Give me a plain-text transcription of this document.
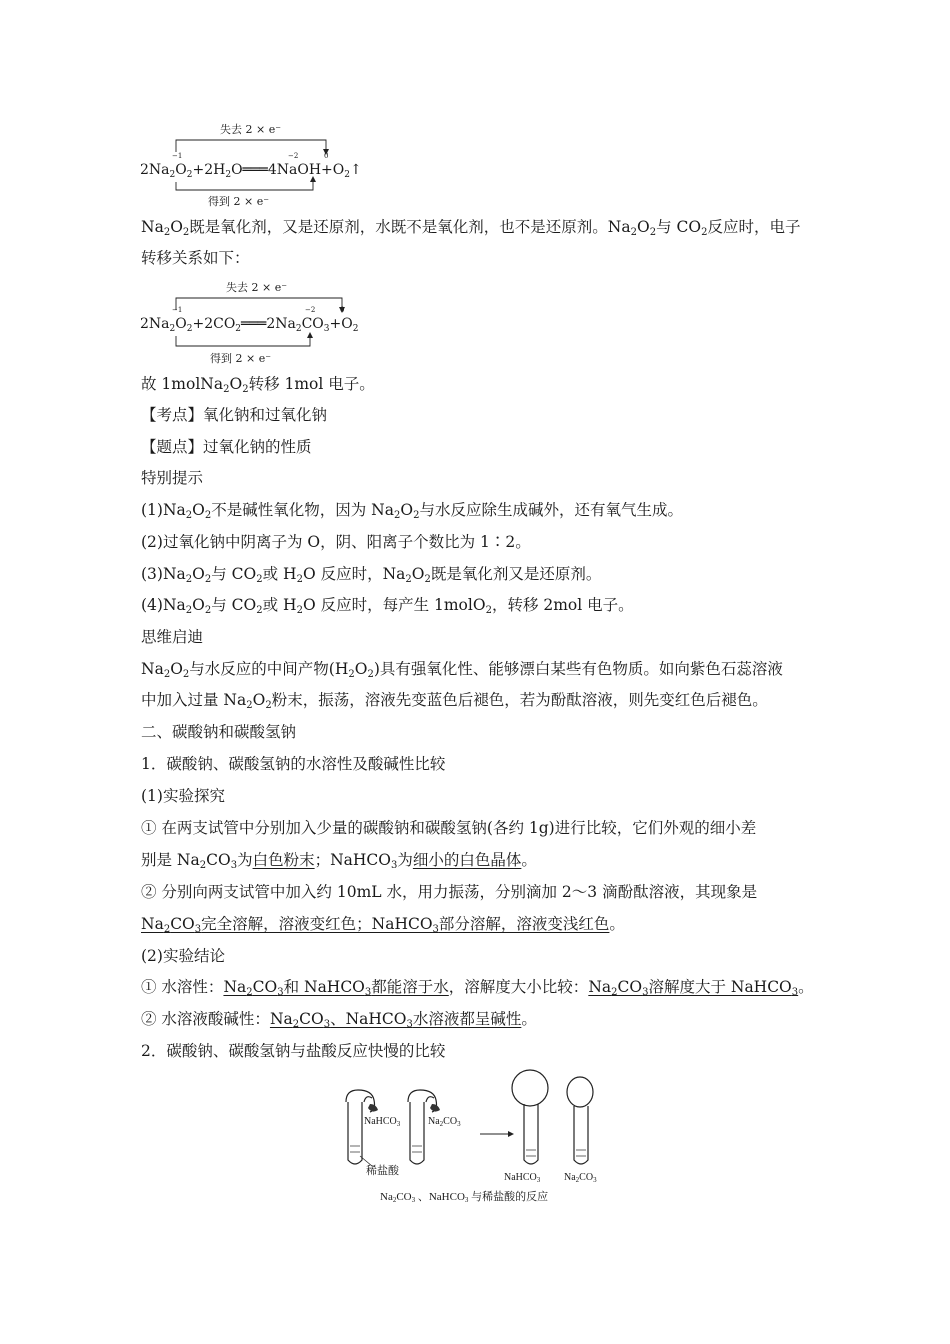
失去 2 × e⁻
得到 2 × e⁻
$2Na_2O_2+2H_2O═══4NaOH+O_2↑$
−1	−2	0
$Na_2O_2$既是氧化剂，又是还原剂，水既不是氧化剂，也不是还原剂。$Na_2O_2$与 $CO_2$反应时，电子
转移关系如下：
失去 2 × e⁻
得到 2 × e⁻
$2Na_2O_2+2CO_2═══2Na_2CO_3+O_2$
−1	−2	0
故 $1molNa_2O_2$转移 1mol 电子。
【考点】氧化钠和过氧化钠
【题点】过氧化钠的性质
特别提示
$(1)Na_2O_2$不是碱性氧化物，因为 $Na_2O_2$与水反应除生成碱外，还有氧气生成。
(2)过氧化钠中阴离子为 O，阴、阳离子个数比为 1∶2。
$(3)Na_2O_2$与 $CO_2$或 $H_2O$ 反应时，$Na_2O_2$既是氧化剂又是还原剂。
$(4)Na_2O_2$与 $CO_2$或 $H_2O$ 反应时，每产生 1molO$_2$，转移 2mol 电子。
思维启迪
$Na_2O_2$与水反应的中间产物$(H_2O_2)$具有强氧化性、能够漂白某些有色物质。如向紫色石蕊溶液
中加入过量 $Na_2O_2$粉末，振荡，溶液先变蓝色后褪色，若为酚酞溶液，则先变红色后褪色。
二、碳酸钠和碳酸氢钠
1．碳酸钠、碳酸氢钠的水溶性及酸碱性比较
(1)实验探究
① 在两支试管中分别加入少量的碳酸钠和碳酸氢钠(各约 1g)进行比较，它们外观的细小差
别是 $Na_2CO_3$为白色粉末；NaHCO$_3$为细小的白色晶体。
② 分别向两支试管中加入约 10mL 水，用力振荡，分别滴加 2～3 滴酚酞溶液，其现象是
$Na_2CO_3$完全溶解，溶液变红色；NaHCO$_3$部分溶解，溶液变浅红色。
(2)实验结论
① 水溶性：$Na_2CO_3$和 NaHCO$_3$都能溶于水，溶解度大小比较：$Na_2CO_3$溶解度大于 NaHCO$_3$。
② 水溶液酸碱性：$Na_2CO_3$、NaHCO$_3$水溶液都呈碱性。
2．碳酸钠、碳酸氢钠与盐酸反应快慢的比较
NaHCO$_3$	$Na_2CO_3$
稀盐酸
NaHCO$_3$ $Na_2CO_3$
Na2CO3 、NaHCO3 与稀盐酸的反应
